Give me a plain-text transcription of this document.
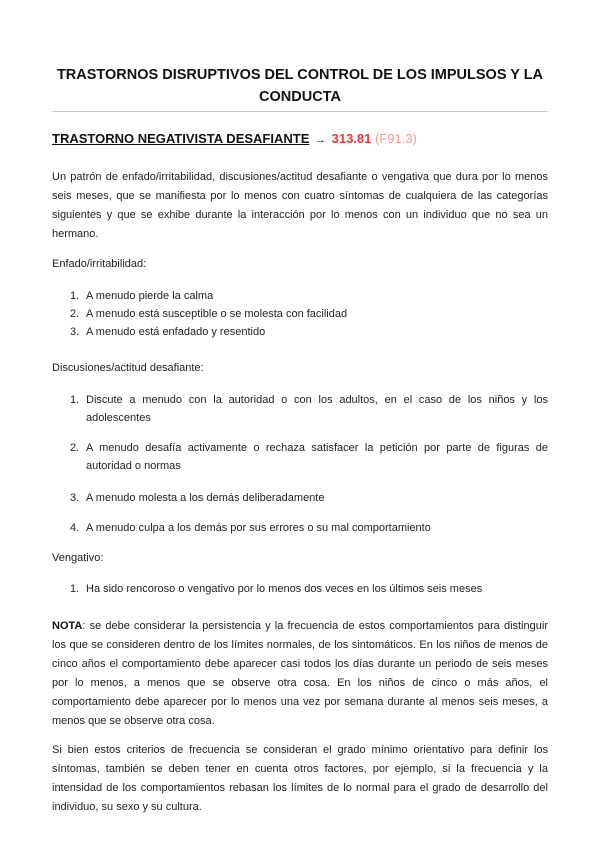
TRASTORNOS DISRUPTIVOS DEL CONTROL DE LOS IMPULSOS Y LA CONDUCTA
TRASTORNO NEGATIVISTA DESAFIANTE → 313.81 (F91.3)
Un patrón de enfado/irritabilidad, discusiones/actitud desafiante o vengativa que dura por lo menos seis meses, que se manifiesta por lo menos con cuatro síntomas de cualquiera de las categorías siguientes y que se exhibe durante la interacción por lo menos con un individuo que no sea un hermano.
Enfado/irritabilidad:
1. A menudo pierde la calma
2. A menudo está susceptible o se molesta con facilidad
3. A menudo está enfadado y resentido
Discusiones/actitud desafiante:
1. Discute a menudo con la autoridad o con los adultos, en el caso de los niños y los adolescentes
2. A menudo desafía activamente o rechaza satisfacer la petición por parte de figuras de autoridad o normas
3. A menudo molesta a los demás deliberadamente
4. A menudo culpa a los demás por sus errores o su mal comportamiento
Vengativo:
1. Ha sido rencoroso o vengativo por lo menos dos veces en los últimos seis meses
NOTA: se debe considerar la persistencia y la frecuencia de estos comportamientos para distinguir los que se consideren dentro de los límites normales, de los sintomáticos. En los niños de menos de cinco años el comportamiento debe aparecer casi todos los días durante un periodo de seis meses por lo menos, a menos que se observe otra cosa. En los niños de cinco o más años, el comportamiento debe aparecer por lo menos una vez por semana durante al menos seis meses, a menos que se observe otra cosa.
Si bien estos criterios de frecuencia se consideran el grado mínimo orientativo para definir los síntomas, también se deben tener en cuenta otros factores, por ejemplo, si la frecuencia y la intensidad de los comportamientos rebasan los límites de lo normal para el grado de desarrollo del individuo, su sexo y su cultura.
